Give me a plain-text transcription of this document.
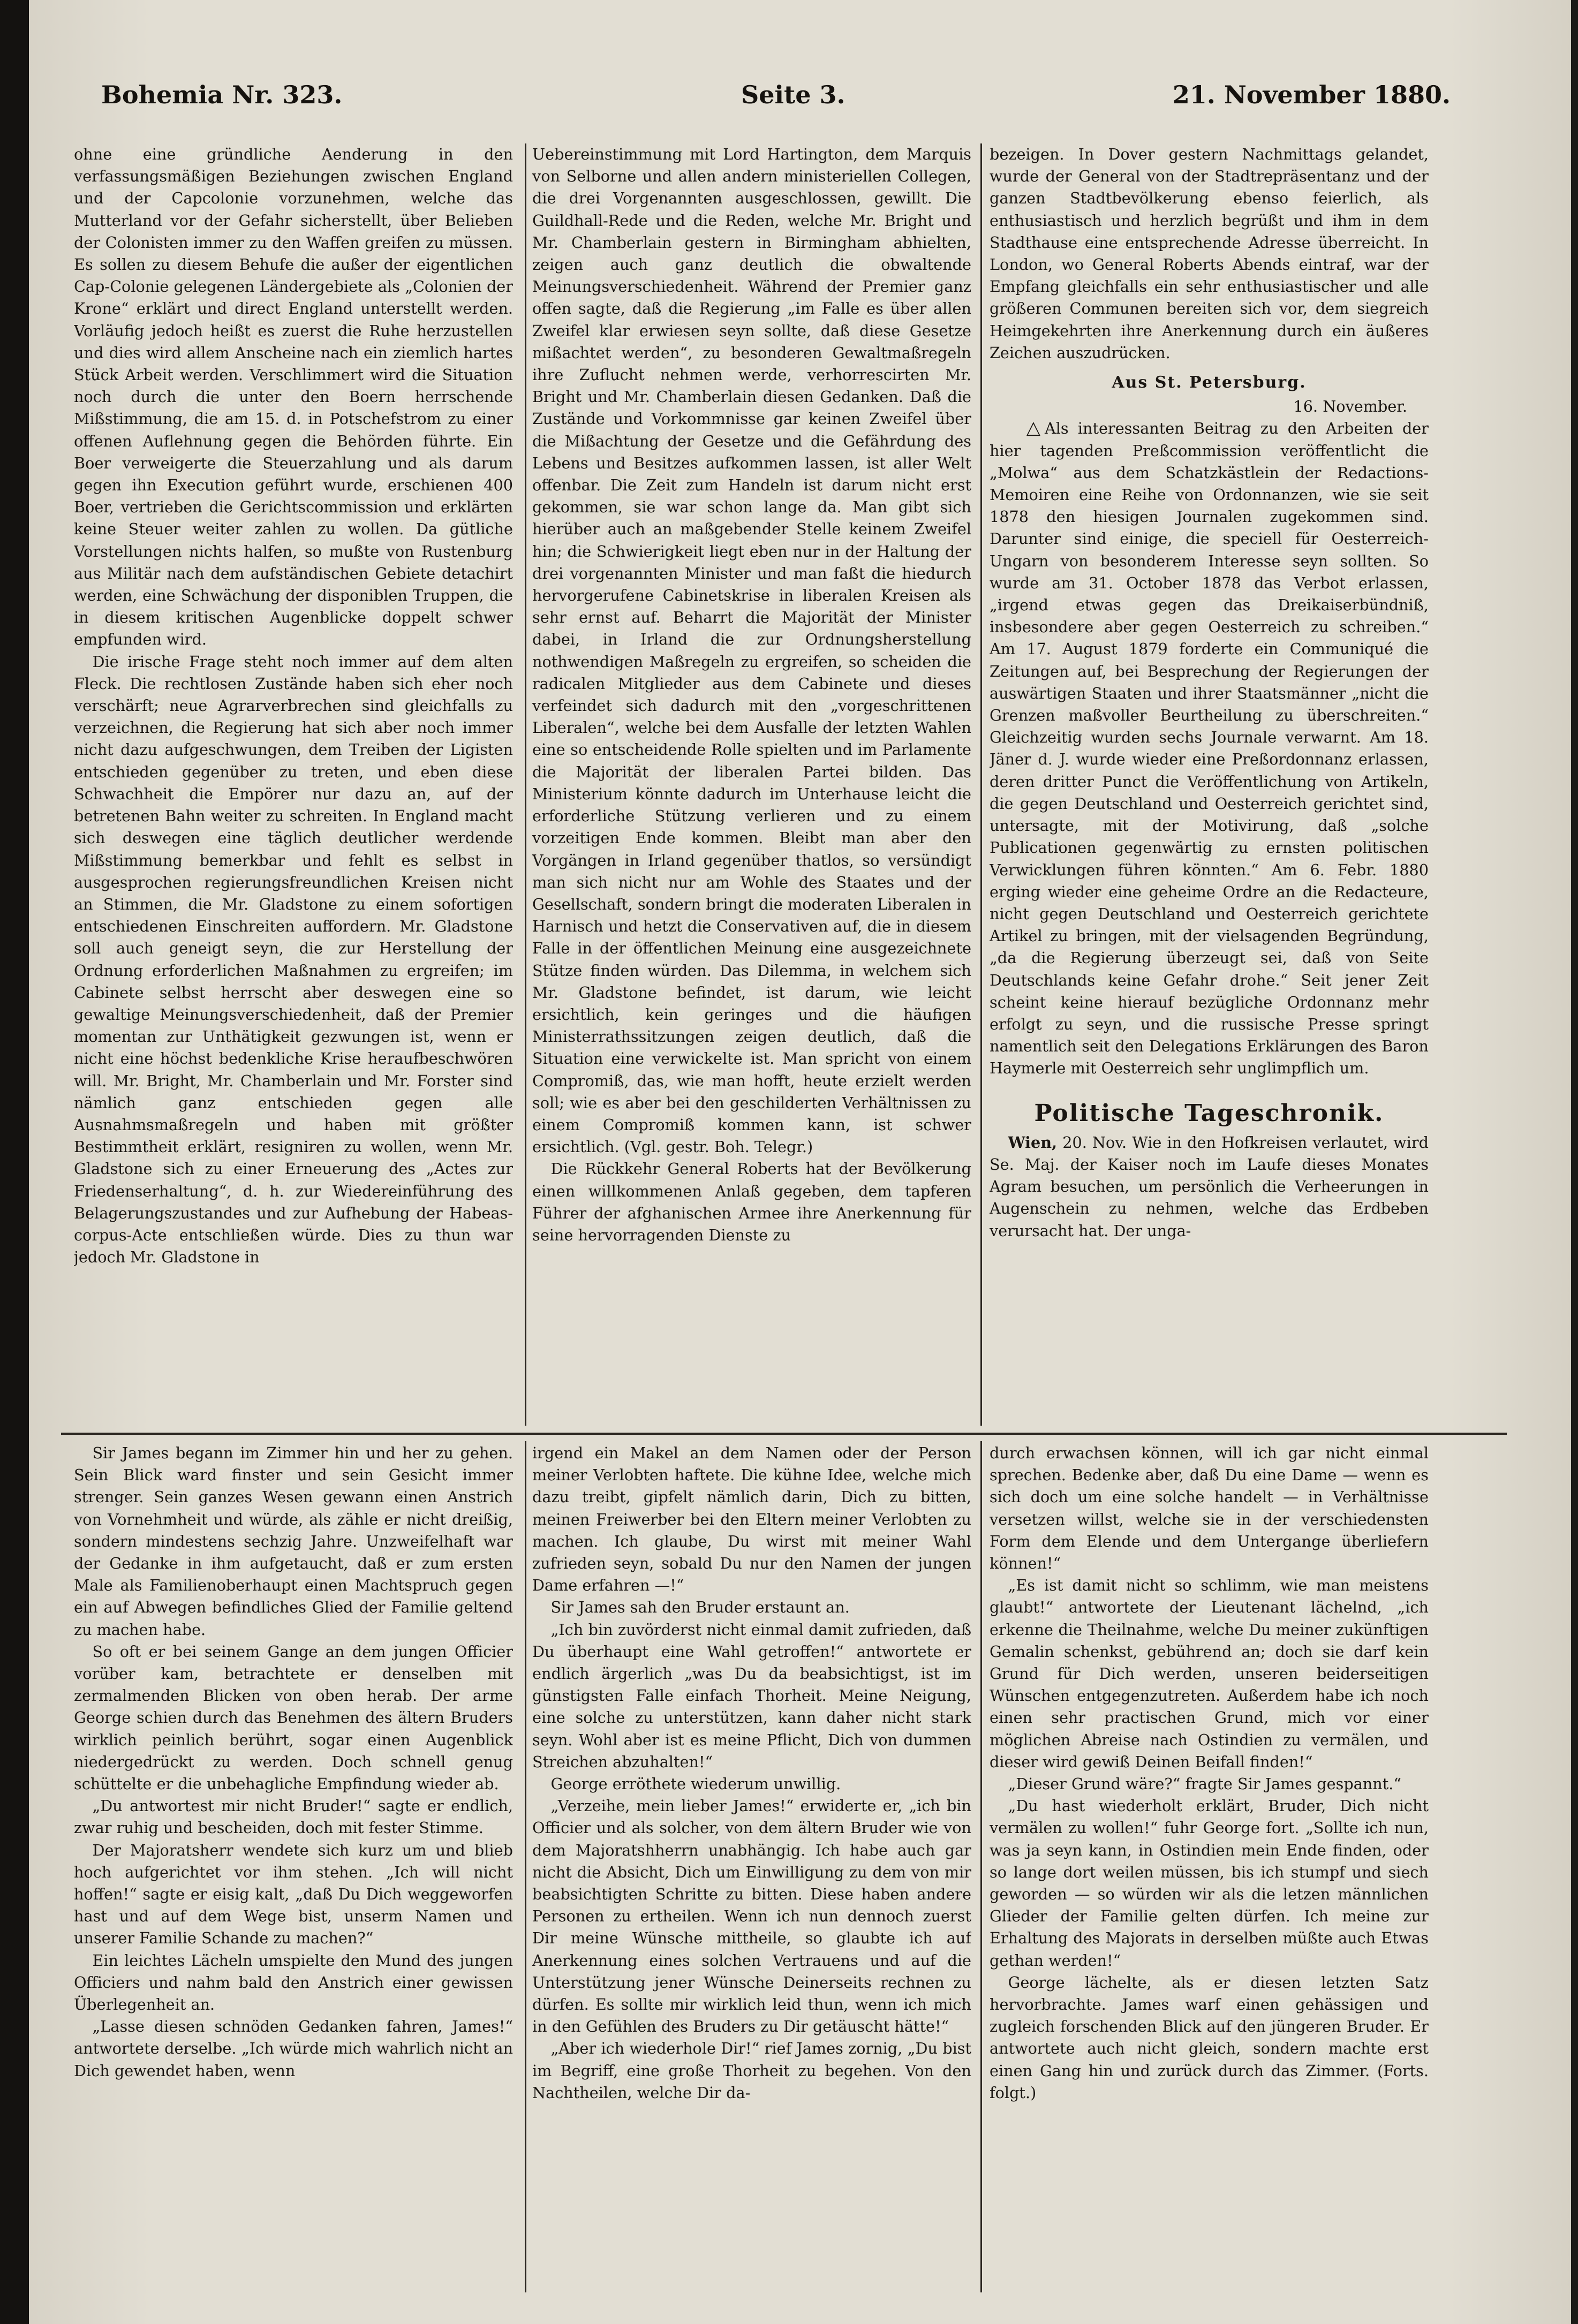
Bohemia Nr. 323.	Seite 3.	21. November 1880.

ohne eine gründliche Aenderung in den verfassungsmäßigen Beziehungen zwischen England und der Capcolonie vorzunehmen, welche das Mutterland vor der Gefahr sicherstellt, über Belieben der Colonisten immer zu den Waffen greifen zu müssen. Es sollen zu diesem Behufe die außer der eigentlichen Cap-Colonie gelegenen Ländergebiete als „Colonien der Krone“ erklärt und direct England unterstellt werden. Vorläufig jedoch heißt es zuerst die Ruhe herzustellen und dies wird allem Anscheine nach ein ziemlich hartes Stück Arbeit werden. Verschlimmert wird die Situation noch durch die unter den Boern herrschende Mißstimmung, die am 15. d. in Potschefstrom zu einer offenen Auflehnung gegen die Behörden führte. Ein Boer verweigerte die Steuerzahlung und als darum gegen ihn Execution geführt wurde, erschienen 400 Boer, vertrieben die Gerichtscommission und erklärten keine Steuer weiter zahlen zu wollen. Da gütliche Vorstellungen nichts halfen, so mußte von Rustenburg aus Militär nach dem aufständischen Gebiete detachirt werden, eine Schwächung der disponiblen Truppen, die in diesem kritischen Augenblicke doppelt schwer empfunden wird.

Die irische Frage steht noch immer auf dem alten Fleck. Die rechtlosen Zustände haben sich eher noch verschärft; neue Agrarverbrechen sind gleichfalls zu verzeichnen, die Regierung hat sich aber noch immer nicht dazu aufgeschwungen, dem Treiben der Ligisten entschieden gegenüber zu treten, und eben diese Schwachheit die Empörer nur dazu an, auf der betretenen Bahn weiter zu schreiten. In England macht sich deswegen eine täglich deutlicher werdende Mißstimmung bemerkbar und fehlt es selbst in ausgesprochen regierungsfreundlichen Kreisen nicht an Stimmen, die Mr. Gladstone zu einem sofortigen entschiedenen Einschreiten auffordern. Mr. Gladstone soll auch geneigt seyn, die zur Herstellung der Ordnung erforderlichen Maßnahmen zu ergreifen; im Cabinete selbst herrscht aber deswegen eine so gewaltige Meinungsverschiedenheit, daß der Premier momentan zur Unthätigkeit gezwungen ist, wenn er nicht eine höchst bedenkliche Krise heraufbeschwören will. Mr. Bright, Mr. Chamberlain und Mr. Forster sind nämlich ganz entschieden gegen alle Ausnahmsmaßregeln und haben mit größter Bestimmtheit erklärt, resigniren zu wollen, wenn Mr. Gladstone sich zu einer Erneuerung des „Actes zur Friedenserhaltung“, d. h. zur Wiedereinführung des Belagerungszustandes und zur Aufhebung der Habeas-corpus-Acte entschließen würde. Dies zu thun war jedoch Mr. Gladstone in

Uebereinstimmung mit Lord Hartington, dem Marquis von Selborne und allen andern ministeriellen Collegen, die drei Vorgenannten ausgeschlossen, gewillt. Die Guildhall-Rede und die Reden, welche Mr. Bright und Mr. Chamberlain gestern in Birmingham abhielten, zeigen auch ganz deutlich die obwaltende Meinungsverschiedenheit. Während der Premier ganz offen sagte, daß die Regierung „im Falle es über allen Zweifel klar erwiesen seyn sollte, daß diese Gesetze mißachtet werden“, zu besonderen Gewaltmaßregeln ihre Zuflucht nehmen werde, verhorrescirten Mr. Bright und Mr. Chamberlain diesen Gedanken. Daß die Zustände und Vorkommnisse gar keinen Zweifel über die Mißachtung der Gesetze und die Gefährdung des Lebens und Besitzes aufkommen lassen, ist aller Welt offenbar. Die Zeit zum Handeln ist darum nicht erst gekommen, sie war schon lange da. Man gibt sich hierüber auch an maßgebender Stelle keinem Zweifel hin; die Schwierigkeit liegt eben nur in der Haltung der drei vorgenannten Minister und man faßt die hiedurch hervorgerufene Cabinetskrise in liberalen Kreisen als sehr ernst auf. Beharrt die Majorität der Minister dabei, in Irland die zur Ordnungsherstellung nothwendigen Maßregeln zu ergreifen, so scheiden die radicalen Mitglieder aus dem Cabinete und dieses verfeindet sich dadurch mit den „vorgeschrittenen Liberalen“, welche bei dem Ausfalle der letzten Wahlen eine so entscheidende Rolle spielten und im Parlamente die Majorität der liberalen Partei bilden. Das Ministerium könnte dadurch im Unterhause leicht die erforderliche Stützung verlieren und zu einem vorzeitigen Ende kommen. Bleibt man aber den Vorgängen in Irland gegenüber thatlos, so versündigt man sich nicht nur am Wohle des Staates und der Gesellschaft, sondern bringt die moderaten Liberalen in Harnisch und hetzt die Conservativen auf, die in diesem Falle in der öffentlichen Meinung eine ausgezeichnete Stütze finden würden. Das Dilemma, in welchem sich Mr. Gladstone befindet, ist darum, wie leicht ersichtlich, kein geringes und die häufigen Ministerrathssitzungen zeigen deutlich, daß die Situation eine verwickelte ist. Man spricht von einem Compromiß, das, wie man hofft, heute erzielt werden soll; wie es aber bei den geschilderten Verhältnissen zu einem Compromiß kommen kann, ist schwer ersichtlich. (Vgl. gestr. Boh. Telegr.)

Die Rückkehr General Roberts hat der Bevölkerung einen willkommenen Anlaß gegeben, dem tapferen Führer der afghanischen Armee ihre Anerkennung für seine hervorragenden Dienste zu

bezeigen. In Dover gestern Nachmittags gelandet, wurde der General von der Stadtrepräsentanz und der ganzen Stadtbevölkerung ebenso feierlich, als enthusiastisch und herzlich begrüßt und ihm in dem Stadthause eine entsprechende Adresse überreicht. In London, wo General Roberts Abends eintraf, war der Empfang gleichfalls ein sehr enthusiastischer und alle größeren Communen bereiten sich vor, dem siegreich Heimgekehrten ihre Anerkennung durch ein äußeres Zeichen auszudrücken.

Aus St. Petersburg.
16. November.

△ Als interessanten Beitrag zu den Arbeiten der hier tagenden Preßcommission veröffentlicht die „Molwa“ aus dem Schatzkästlein der Redactions-Memoiren eine Reihe von Ordonnanzen, wie sie seit 1878 den hiesigen Journalen zugekommen sind. Darunter sind einige, die speciell für Oesterreich-Ungarn von besonderem Interesse seyn sollten. So wurde am 31. October 1878 das Verbot erlassen, „irgend etwas gegen das Dreikaiserbündniß, insbesondere aber gegen Oesterreich zu schreiben.“ Am 17. August 1879 forderte ein Communiqué die Zeitungen auf, bei Besprechung der Regierungen der auswärtigen Staaten und ihrer Staatsmänner „nicht die Grenzen maßvoller Beurtheilung zu überschreiten.“ Gleichzeitig wurden sechs Journale verwarnt. Am 18. Jäner d. J. wurde wieder eine Preßordonnanz erlassen, deren dritter Punct die Veröffentlichung von Artikeln, die gegen Deutschland und Oesterreich gerichtet sind, untersagte, mit der Motivirung, daß „solche Publicationen gegenwärtig zu ernsten politischen Verwicklungen führen könnten.“ Am 6. Febr. 1880 erging wieder eine geheime Ordre an die Redacteure, nicht gegen Deutschland und Oesterreich gerichtete Artikel zu bringen, mit der vielsagenden Begründung, „da die Regierung überzeugt sei, daß von Seite Deutschlands keine Gefahr drohe.“ Seit jener Zeit scheint keine hierauf bezügliche Ordonnanz mehr erfolgt zu seyn, und die russische Presse springt namentlich seit den Delegations Erklärungen des Baron Haymerle mit Oesterreich sehr unglimpflich um.

Politische Tageschronik.

Wien, 20. Nov. Wie in den Hofkreisen verlautet, wird Se. Maj. der Kaiser noch im Laufe dieses Monates Agram besuchen, um persönlich die Verheerungen in Augenschein zu nehmen, welche das Erdbeben verursacht hat. Der unga-

Sir James begann im Zimmer hin und her zu gehen. Sein Blick ward finster und sein Gesicht immer strenger. Sein ganzes Wesen gewann einen Anstrich von Vornehmheit und würde, als zähle er nicht dreißig, sondern mindestens sechzig Jahre. Unzweifelhaft war der Gedanke in ihm aufgetaucht, daß er zum ersten Male als Familienoberhaupt einen Machtspruch gegen ein auf Abwegen befindliches Glied der Familie geltend zu machen habe.

So oft er bei seinem Gange an dem jungen Officier vorüber kam, betrachtete er denselben mit zermalmenden Blicken von oben herab. Der arme George schien durch das Benehmen des ältern Bruders wirklich peinlich berührt, sogar einen Augenblick niedergedrückt zu werden. Doch schnell genug schüttelte er die unbehagliche Empfindung wieder ab.

„Du antwortest mir nicht Bruder!“ sagte er endlich, zwar ruhig und bescheiden, doch mit fester Stimme.

Der Majoratsherr wendete sich kurz um und blieb hoch aufgerichtet vor ihm stehen. „Ich will nicht hoffen!“ sagte er eisig kalt, „daß Du Dich weggeworfen hast und auf dem Wege bist, unserm Namen und unserer Familie Schande zu machen?“

Ein leichtes Lächeln umspielte den Mund des jungen Officiers und nahm bald den Anstrich einer gewissen Überlegenheit an.

„Lasse diesen schnöden Gedanken fahren, James!“ antwortete derselbe. „Ich würde mich wahrlich nicht an Dich gewendet haben, wenn

irgend ein Makel an dem Namen oder der Person meiner Verlobten haftete. Die kühne Idee, welche mich dazu treibt, gipfelt nämlich darin, Dich zu bitten, meinen Freiwerber bei den Eltern meiner Verlobten zu machen. Ich glaube, Du wirst mit meiner Wahl zufrieden seyn, sobald Du nur den Namen der jungen Dame erfahren —!“

Sir James sah den Bruder erstaunt an.

„Ich bin zuvörderst nicht einmal damit zufrieden, daß Du überhaupt eine Wahl getroffen!“ antwortete er endlich ärgerlich „was Du da beabsichtigst, ist im günstigsten Falle einfach Thorheit. Meine Neigung, eine solche zu unterstützen, kann daher nicht stark seyn. Wohl aber ist es meine Pflicht, Dich von dummen Streichen abzuhalten!“

George erröthete wiederum unwillig.

„Verzeihe, mein lieber James!“ erwiderte er, „ich bin Officier und als solcher, von dem ältern Bruder wie von dem Majoratshherrn unabhängig. Ich habe auch gar nicht die Absicht, Dich um Einwilligung zu dem von mir beabsichtigten Schritte zu bitten. Diese haben andere Personen zu ertheilen. Wenn ich nun dennoch zuerst Dir meine Wünsche mittheile, so glaubte ich auf Anerkennung eines solchen Vertrauens und auf die Unterstützung jener Wünsche Deinerseits rechnen zu dürfen. Es sollte mir wirklich leid thun, wenn ich mich in den Gefühlen des Bruders zu Dir getäuscht hätte!“

„Aber ich wiederhole Dir!“ rief James zornig, „Du bist im Begriff, eine große Thorheit zu begehen. Von den Nachtheilen, welche Dir da-

durch erwachsen können, will ich gar nicht einmal sprechen. Bedenke aber, daß Du eine Dame — wenn es sich doch um eine solche handelt — in Verhältnisse versetzen willst, welche sie in der verschiedensten Form dem Elende und dem Untergange überliefern können!“

„Es ist damit nicht so schlimm, wie man meistens glaubt!“ antwortete der Lieutenant lächelnd, „ich erkenne die Theilnahme, welche Du meiner zukünftigen Gemalin schenkst, gebührend an; doch sie darf kein Grund für Dich werden, unseren beiderseitigen Wünschen entgegenzutreten. Außerdem habe ich noch einen sehr practischen Grund, mich vor einer möglichen Abreise nach Ostindien zu vermälen, und dieser wird gewiß Deinen Beifall finden!“

„Dieser Grund wäre?“ fragte Sir James gespannt.“

„Du hast wiederholt erklärt, Bruder, Dich nicht vermälen zu wollen!“ fuhr George fort. „Sollte ich nun, was ja seyn kann, in Ostindien mein Ende finden, oder so lange dort weilen müssen, bis ich stumpf und siech geworden — so würden wir als die letzen männlichen Glieder der Familie gelten dürfen. Ich meine zur Erhaltung des Majorats in derselben müßte auch Etwas gethan werden!“

George lächelte, als er diesen letzten Satz hervorbrachte. James warf einen gehässigen und zugleich forschenden Blick auf den jüngeren Bruder. Er antwortete auch nicht gleich, sondern machte erst einen Gang hin und zurück durch das Zimmer. (Forts. folgt.)
